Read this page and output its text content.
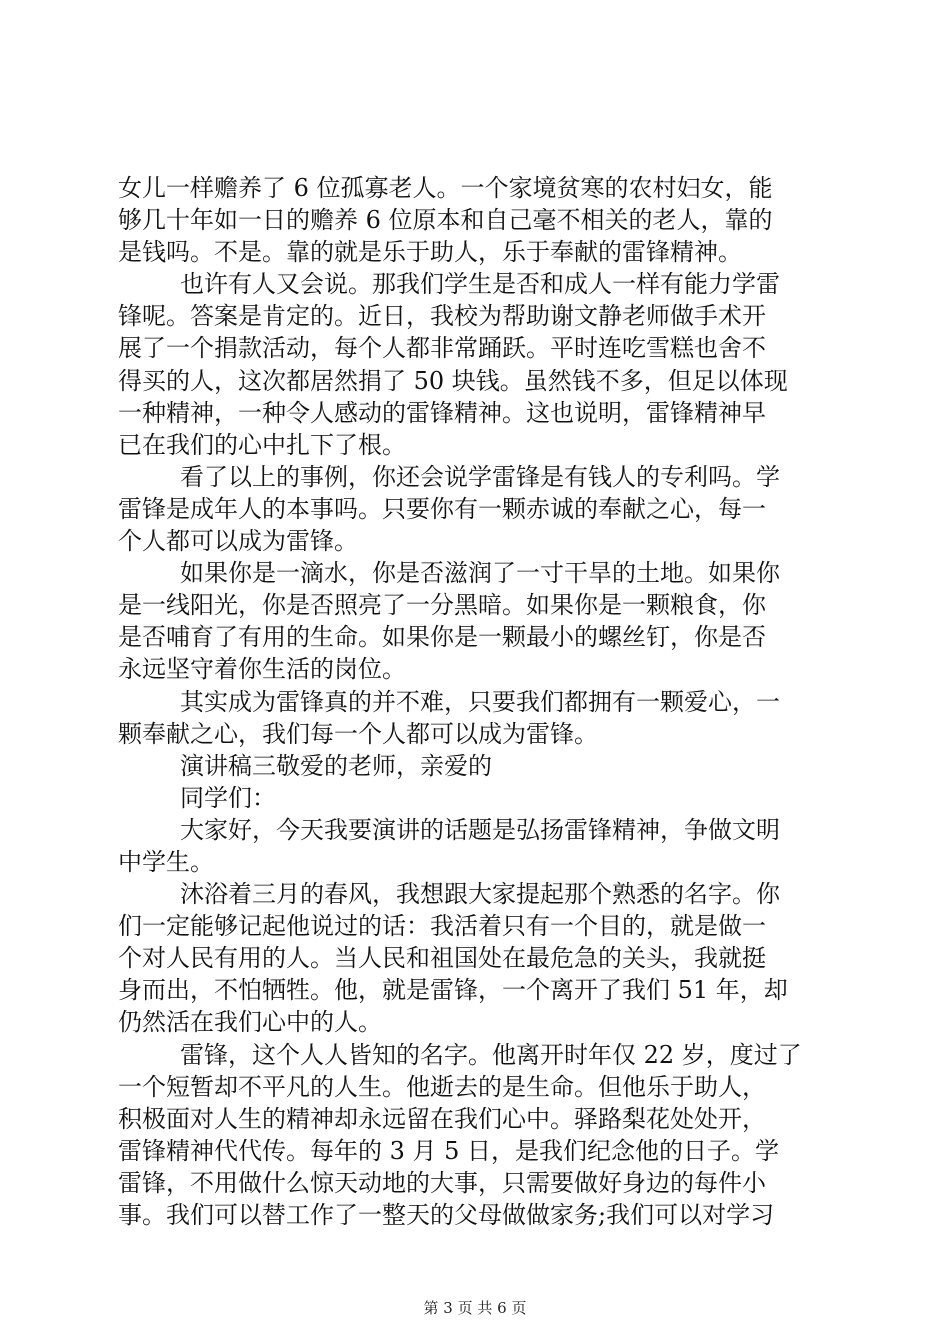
女儿一样赡养了 6 位孤寡老人。一个家境贫寒的农村妇女，能
够几十年如一日的赡养 6 位原本和自己毫不相关的老人，靠的
是钱吗。不是。靠的就是乐于助人，乐于奉献的雷锋精神。
也许有人又会说。那我们学生是否和成人一样有能力学雷
锋呢。答案是肯定的。近日，我校为帮助谢文静老师做手术开
展了一个捐款活动，每个人都非常踊跃。平时连吃雪糕也舍不
得买的人，这次都居然捐了 50 块钱。虽然钱不多，但足以体现
一种精神，一种令人感动的雷锋精神。这也说明，雷锋精神早
已在我们的心中扎下了根。
看了以上的事例，你还会说学雷锋是有钱人的专利吗。学
雷锋是成年人的本事吗。只要你有一颗赤诚的奉献之心，每一
个人都可以成为雷锋。
如果你是一滴水，你是否滋润了一寸干旱的土地。如果你
是一线阳光，你是否照亮了一分黑暗。如果你是一颗粮食，你
是否哺育了有用的生命。如果你是一颗最小的螺丝钉，你是否
永远坚守着你生活的岗位。
其实成为雷锋真的并不难，只要我们都拥有一颗爱心，一
颗奉献之心，我们每一个人都可以成为雷锋。
演讲稿三敬爱的老师，亲爱的
同学们：
大家好，今天我要演讲的话题是弘扬雷锋精神，争做文明
中学生。
沐浴着三月的春风，我想跟大家提起那个熟悉的名字。你
们一定能够记起他说过的话：我活着只有一个目的，就是做一
个对人民有用的人。当人民和祖国处在最危急的关头，我就挺
身而出，不怕牺牲。他，就是雷锋，一个离开了我们 51 年，却
仍然活在我们心中的人。
雷锋，这个人人皆知的名字。他离开时年仅 22 岁，度过了
一个短暂却不平凡的人生。他逝去的是生命。但他乐于助人，
积极面对人生的精神却永远留在我们心中。驿路梨花处处开，
雷锋精神代代传。每年的 3 月 5 日，是我们纪念他的日子。学
雷锋，不用做什么惊天动地的大事，只需要做好身边的每件小
事。我们可以替工作了一整天的父母做做家务;我们可以对学习
第 3 页 共 6 页
